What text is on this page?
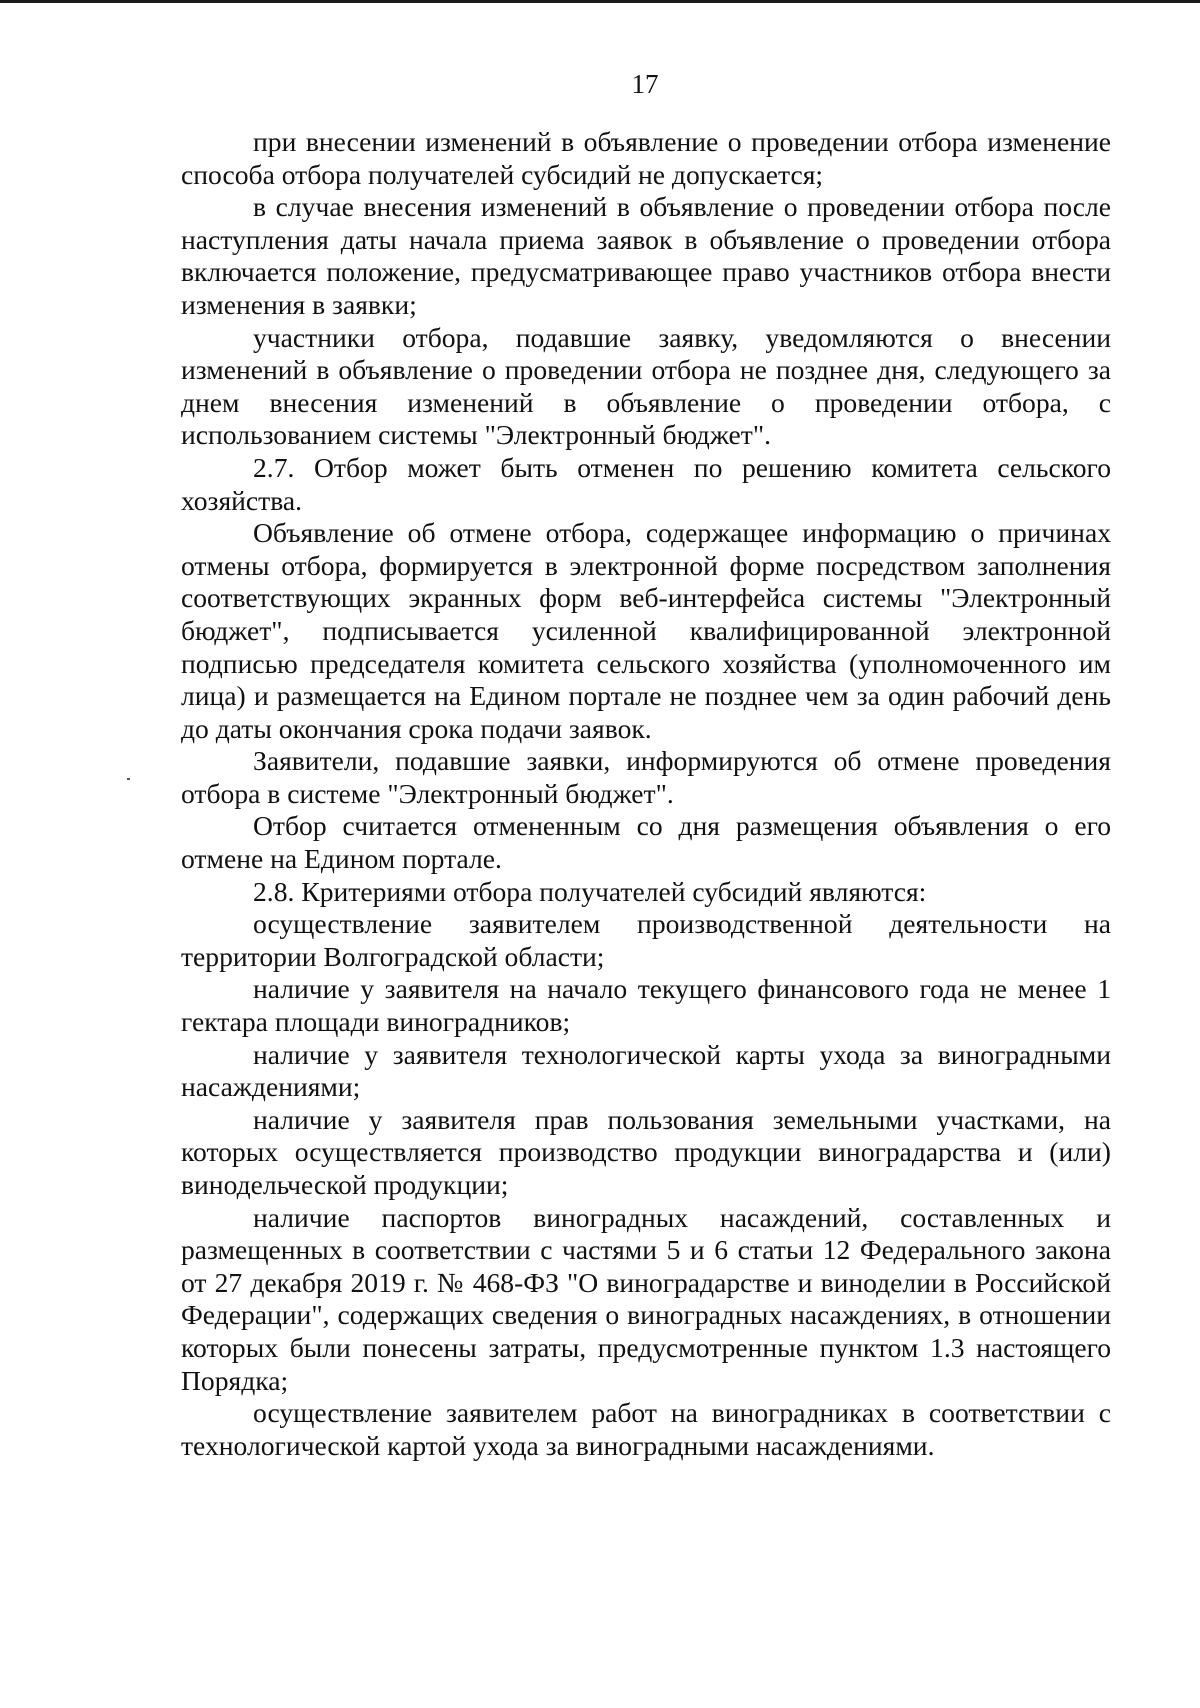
17

при внесении изменений в объявление о проведении отбора изменение способа отбора получателей субсидий не допускается;

в случае внесения изменений в объявление о проведении отбора после наступления даты начала приема заявок в объявление о проведении отбора включается положение, предусматривающее право участников отбора внести изменения в заявки;

участники отбора, подавшие заявку, уведомляются о внесении изменений в объявление о проведении отбора не позднее дня, следующего за днем внесения изменений в объявление о проведении отбора, с использованием системы "Электронный бюджет".

2.7. Отбор может быть отменен по решению комитета сельского хозяйства.

Объявление об отмене отбора, содержащее информацию о причинах отмены отбора, формируется в электронной форме посредством заполнения соответствующих экранных форм веб-интерфейса системы "Электронный бюджет", подписывается усиленной квалифицированной электронной подписью председателя комитета сельского хозяйства (уполномоченного им лица) и размещается на Едином портале не позднее чем за один рабочий день до даты окончания срока подачи заявок.

Заявители, подавшие заявки, информируются об отмене проведения отбора в системе "Электронный бюджет".

Отбор считается отмененным со дня размещения объявления о его отмене на Едином портале.

2.8. Критериями отбора получателей субсидий являются:

осуществление заявителем производственной деятельности на территории Волгоградской области;

наличие у заявителя на начало текущего финансового года не менее 1 гектара площади виноградников;

наличие у заявителя технологической карты ухода за виноградными насаждениями;

наличие у заявителя прав пользования земельными участками, на которых осуществляется производство продукции виноградарства и (или) винодельческой продукции;

наличие паспортов виноградных насаждений, составленных и размещенных в соответствии с частями 5 и 6 статьи 12 Федерального закона от 27 декабря 2019 г. № 468-ФЗ "О виноградарстве и виноделии в Российской Федерации", содержащих сведения о виноградных насаждениях, в отношении которых были понесены затраты, предусмотренные пунктом 1.3 настоящего Порядка;

осуществление заявителем работ на виноградниках в соответствии с технологической картой ухода за виноградными насаждениями.
